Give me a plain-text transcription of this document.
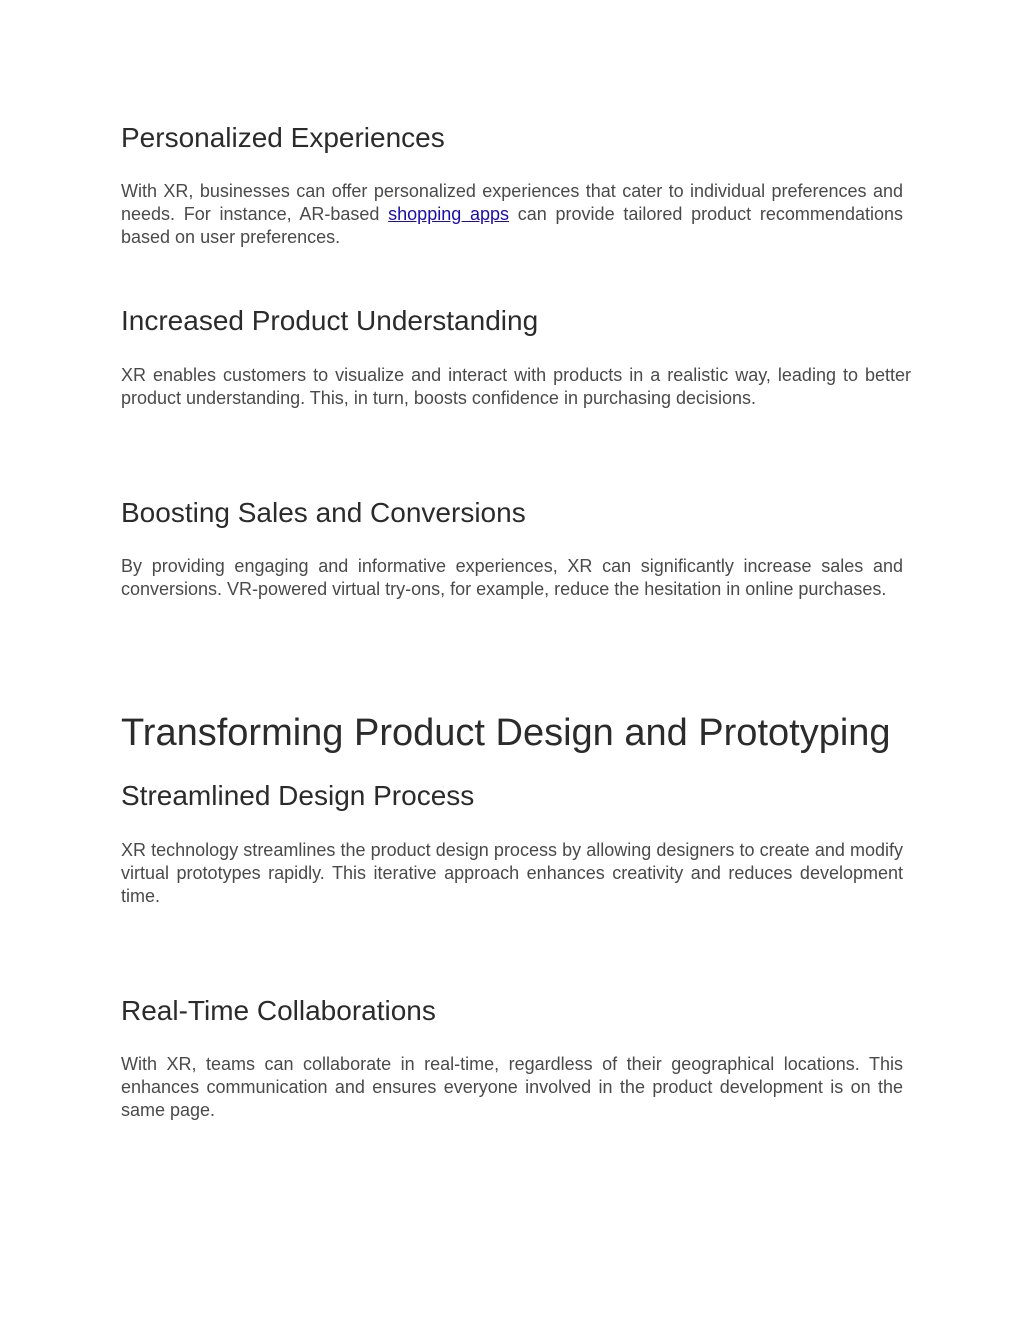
Personalized Experiences

With XR, businesses can offer personalized experiences that cater to individual preferences and needs. For instance, AR-based shopping apps can provide tailored product recommendations based on user preferences.

Increased Product Understanding

XR enables customers to visualize and interact with products in a realistic way, leading to better product understanding. This, in turn, boosts confidence in purchasing decisions.

Boosting Sales and Conversions

By providing engaging and informative experiences, XR can significantly increase sales and conversions. VR-powered virtual try-ons, for example, reduce the hesitation in online purchases.

Transforming Product Design and Prototyping
Streamlined Design Process

XR technology streamlines the product design process by allowing designers to create and modify virtual prototypes rapidly. This iterative approach enhances creativity and reduces development time.

Real-Time Collaborations

With XR, teams can collaborate in real-time, regardless of their geographical locations. This enhances communication and ensures everyone involved in the product development is on the same page.
